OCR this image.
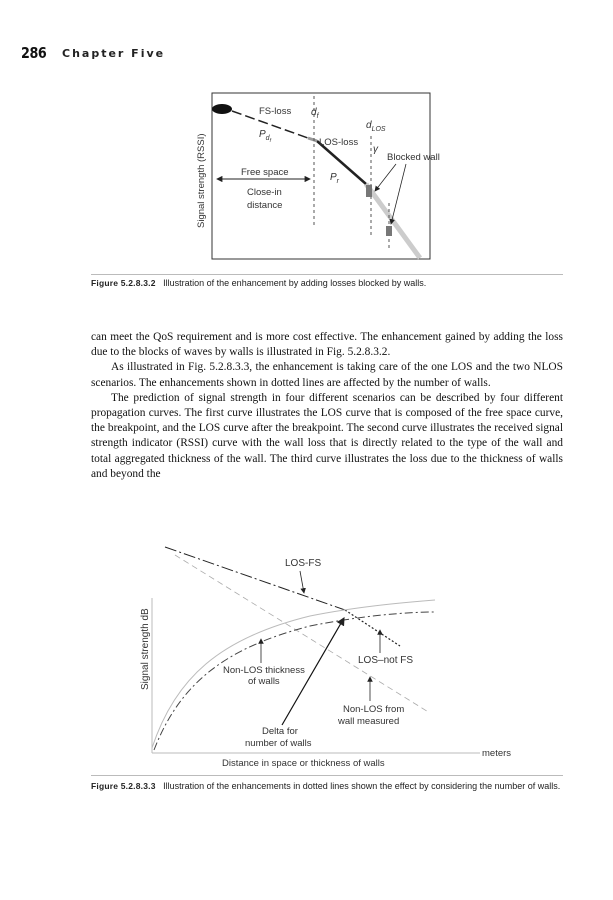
286 Chapter Five
Signal strength (RSSI)
FS-loss $d_f$
$P_{df}$
$d_{LOS}$
LOS-loss
γ
Blocked wall
Free space	$P_r$
Close-in
distance
Figure 5.2.8.3.2 Illustration of the enhancement by adding losses blocked by walls.

can meet the QoS requirement and is more cost effective. The enhancement gained by adding the loss due to the blocks of waves by walls is illustrated in Fig. 5.2.8.3.2.

As illustrated in Fig. 5.2.8.3.3, the enhancement is taking care of the one LOS and the two NLOS scenarios. The enhancements shown in dotted lines are affected by the number of walls.

The prediction of signal strength in four different scenarios can be described by four different propagation curves. The first curve illustrates the LOS curve that is composed of the free space curve, the breakpoint, and the LOS curve after the breakpoint. The second curve illustrates the received signal strength indicator (RSSI) curve with the wall loss that is directly related to the type of the wall and total aggregated thickness of the wall. The third curve illustrates the loss due to the thickness of walls and beyond the

Signal strength dB
LOS-FS
LOS–not FS
Non-LOS thickness
of walls
Non-LOS from
wall measured
Delta for
number of walls
Distance in space or thickness of walls
meters
Figure 5.2.8.3.3 Illustration of the enhancements in dotted lines shown the effect by considering the number of walls.
